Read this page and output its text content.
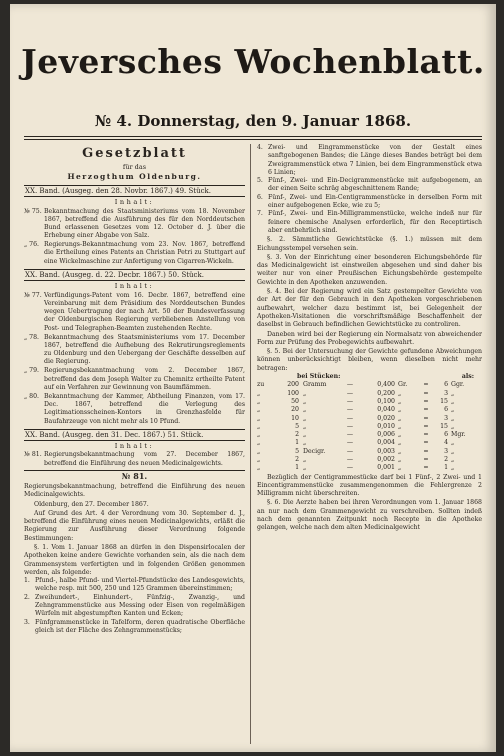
Jeversches Wochenblatt.
№ 4. Donnerstag, den 9. Januar 1868.
Gesetzblatt
für das
Herzogthum Oldenburg.
XX. Band. (Ausgeg. den 28. Novbr. 1867.) 49. Stück.
Inhalt:
№ 75. Bekanntmachung des Staatsministeriums vom 18. November 1867, betreffend die Ausführung des für den Norddeutschen Bund erlassenen Gesetzes vom 12. October d. J. über die Erhebung einer Abgabe von Salz.
„ 76. Regierungs-Bekanntmachung vom 23. Nov. 1867, betreffend die Ertheilung eines Patents an Christian Petri zu Stuttgart auf eine Wickelmaschine zur Anfertigung von Cigarren-Wickeln.
XX. Band. (Ausgeg. d. 22. Decbr. 1867.) 50. Stück.
Inhalt:
№ 77. Verfündigungs-Patent vom 16. Decbr. 1867, betreffend eine Vereinbarung mit dem Präsidium des Norddeutschen Bundes wegen Uebertragung der nach Art. 50 der Bundesverfassung der Oldenburgischen Regierung verbliebenen Anstellung von Post- und Telegraphen-Beamten zustehenden Rechte.
„ 78. Bekanntmachung des Staatsministeriums vom 17. December 1867, betreffend die Aufhebung des Rekrutirungsreglements zu Oldenburg und den Uebergang der Geschäfte desselben auf die Regierung.
„ 79. Regierungsbekanntmachung vom 2. December 1867, betreffend das dem Joseph Walter zu Chemnitz ertheilte Patent auf ein Verfahren zur Gewinnung von Baumflämmen.
„ 80. Bekanntmachung der Kammer, Abtheilung Finanzen, vom 17. Dec. 1867, betreffend die Verlegung des Legitimationsscheinen-Kontors in Grenzhasfelde für Baufahrzeuge von nicht mehr als 10 Pfund.
XX. Band. (Ausgeg. den 31. Dec. 1867.) 51. Stück.
Inhalt:
№ 81. Regierungsbekanntmachung vom 27. December 1867, betreffend die Einführung des neuen Medicinalgewichts.
№ 81.
Regierungsbekanntmachung, betreffend die Einführung des neuen Medicinalgewichts.
Oldenburg, den 27. December 1867.
Auf Grund des Art. 4 der Verordnung vom 30. September d. J., betreffend die Einführung eines neuen Medicinalgewichts, erläßt die Regierung zur Ausführung dieser Verordnung folgende Bestimmungen:
§. 1. Vom 1. Januar 1868 an dürfen in den Dispensirlocalen der Apotheken keine andere Gewichte vorhanden sein, als die nach dem Grammensystem verfertigten und in folgenden Größen genommen werden, als folgende:
1. Pfund-, halbe Pfund- und Viertel-Pfundstücke des Landesgewichts, welche resp. mit 500, 250 und 125 Grammen übereinstimmen;
2. Zweihundert-, Einhundert-, Fünfzig-, Zwanzig-, und Zehngrammenstücke aus Messing oder Eisen von regelmäßigen Würfeln mit abgestumpften Kanten und Ecken;
3. Fünfgrammenstücke in Tafelform, deren quadratische Oberfläche gleich ist der Fläche des Zehngrammenstücks;
4. Zwei- und Eingrammenstücke von der Gestalt eines sanftgebogenen Bandes; die Länge dieses Bandes beträgt bei dem Zweigrammenstück etwa 7 Linien, bei dem Eingrammenstück etwa 6 Linien;
5. Fünf-, Zwei- und Ein-Decigrammenstücke mit aufgebogenem, an der einen Seite schräg abgeschnittenem Rande;
6. Fünf-, Zwei- und Ein-Centigrammenstücke in derselben Form mit einer aufgebogenen Ecke, wie zu 5;
7. Fünf-, Zwei- und Ein-Milligrammenstücke, welche indeß nur für feinere chemische Analysen erforderlich, für den Receptirtisch aber entbehrlich sind.
§. 2. Sämmtliche Gewichtstücke (§. 1.) müssen mit dem Eichungsstempel versehen sein.
§. 3. Von der Einrichtung einer besonderen Eichungsbehörde für das Medicinalgewicht ist einstweilen abgesehen und sind daher bis weiter nur von einer Preußischen Eichungsbehörde gestempelte Gewichte in den Apotheken anzuwenden.
§. 4. Bei der Regierung wird ein Satz gestempelter Gewichte von der Art der für den Gebrauch in den Apotheken vorgeschriebenen aufbewahrt, welcher dazu bestimmt ist, bei Gelegenheit der Apotheken-Visitationen die vorschriftsmäßige Beschaffenheit der daselbst in Gebrauch befindlichen Gewichtstücke zu controliren.
Daneben wird bei der Regierung ein Normalsatz von abweichender Form zur Prüfung des Probegewichts aufbewahrt.
§. 5. Bei der Untersuchung der Gewichte gefundene Abweichungen können unberücksichtigt bleiben, wenn dieselben nicht mehr betragen:
bei Stücken:	als:
zu	200 Gramm	—	0,400 Gr.	=	6 Ggr.
„	100 „	—	0,200 „	=	3 „
„	50 „	—	0,100 „	=	15 „
„	20 „	—	0,040 „	=	6 „
„	10 „	—	0,020 „	=	3 „
„	5 „	—	0,010 „	=	15 „
„	2 „	—	0,006 „	=	6 Mgr.
„	1 „	—	0,004 „	=	4 „
„	5 Decigr.	—	0,003 „	=	3 „
„	2 „	—	0,002 „	=	2 „
„	1 „	—	0,001 „	=	1 „
Bezüglich der Centigrammestücke darf bei 1 Fünf-, 2 Zwei- und 1 Eincentigrammenstücke zusammengenommen die Fehlergrenze 2 Milligramm nicht überschreiten.
§. 6. Die Aerzte haben bei ihren Verordnungen vom 1. Januar 1868 an nur nach dem Grammengewicht zu verschreiben. Sollten indeß nach dem genannten Zeitpunkt noch Recepte in die Apotheke gelangen, welche nach dem alten Medicinalgewicht
